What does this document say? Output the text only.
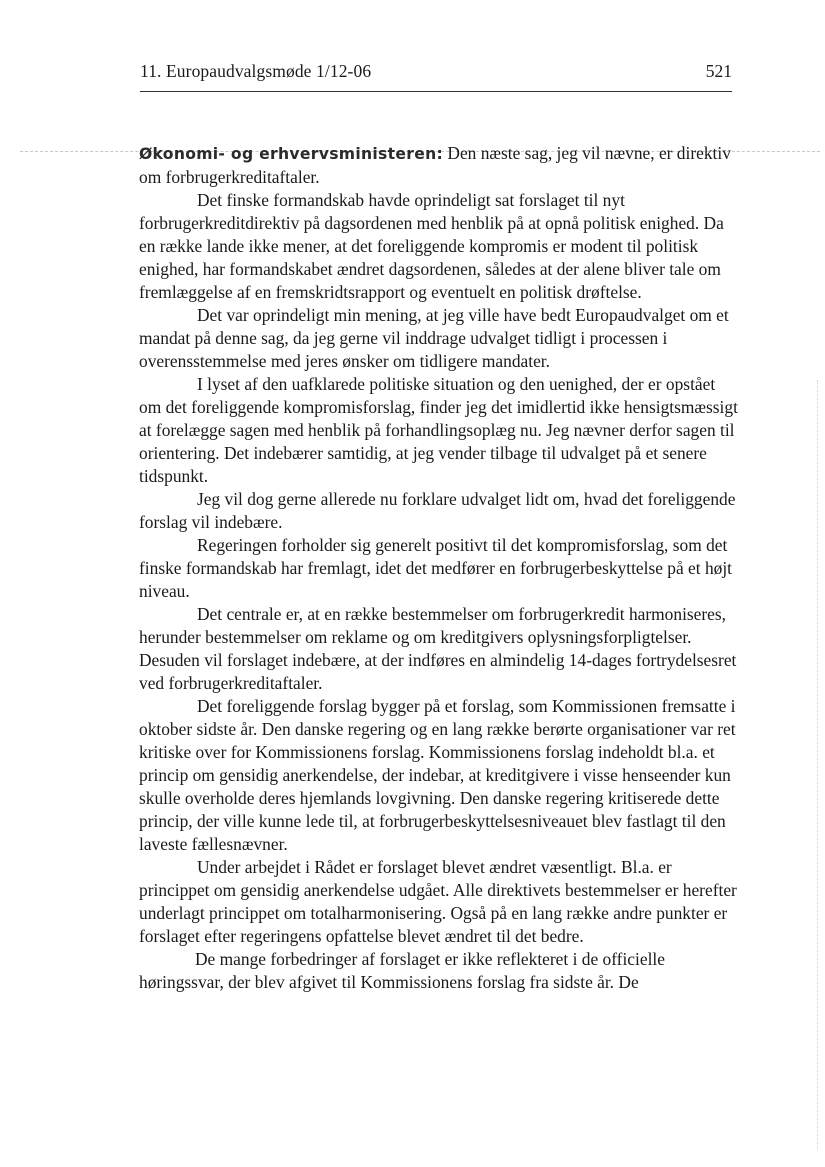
11. Europaudvalgsmøde 1/12-06	521

Økonomi- og erhvervsministeren: Den næste sag, jeg vil nævne, er direktiv om forbrugerkreditaftaler.

Det finske formandskab havde oprindeligt sat forslaget til nyt forbrugerkreditdirektiv på dagsordenen med henblik på at opnå politisk enighed. Da en række lande ikke mener, at det foreliggende kompromis er modent til politisk enighed, har formandskabet ændret dagsordenen, således at der alene bliver tale om fremlæggelse af en fremskridtsrapport og eventuelt en politisk drøftelse.

Det var oprindeligt min mening, at jeg ville have bedt Europaudvalget om et mandat på denne sag, da jeg gerne vil inddrage udvalget tidligt i processen i overensstemmelse med jeres ønsker om tidligere mandater.

I lyset af den uafklarede politiske situation og den uenighed, der er opstået om det foreliggende kompromisforslag, finder jeg det imidlertid ikke hensigtsmæssigt at forelægge sagen med henblik på forhandlingsoplæg nu. Jeg nævner derfor sagen til orientering. Det indebærer samtidig, at jeg vender tilbage til udvalget på et senere tidspunkt.

Jeg vil dog gerne allerede nu forklare udvalget lidt om, hvad det foreliggende forslag vil indebære.

Regeringen forholder sig generelt positivt til det kompromisforslag, som det finske formandskab har fremlagt, idet det medfører en forbrugerbeskyttelse på et højt niveau.

Det centrale er, at en række bestemmelser om forbrugerkredit harmoniseres, herunder bestemmelser om reklame og om kreditgivers oplysningsforpligtelser. Desuden vil forslaget indebære, at der indføres en almindelig 14-dages fortrydelsesret ved forbrugerkreditaftaler.

Det foreliggende forslag bygger på et forslag, som Kommissionen fremsatte i oktober sidste år. Den danske regering og en lang række berørte organisationer var ret kritiske over for Kommissionens forslag. Kommissionens forslag indeholdt bl.a. et princip om gensidig anerkendelse, der indebar, at kreditgivere i visse henseender kun skulle overholde deres hjemlands lovgivning. Den danske regering kritiserede dette princip, der ville kunne lede til, at forbrugerbeskyttelsesniveauet blev fastlagt til den laveste fællesnævner.

Under arbejdet i Rådet er forslaget blevet ændret væsentligt. Bl.a. er princippet om gensidig anerkendelse udgået. Alle direktivets bestemmelser er herefter underlagt princippet om totalharmonisering. Også på en lang række andre punkter er forslaget efter regeringens opfattelse blevet ændret til det bedre.

De mange forbedringer af forslaget er ikke reflekteret i de officielle høringssvar, der blev afgivet til Kommissionens forslag fra sidste år. De
